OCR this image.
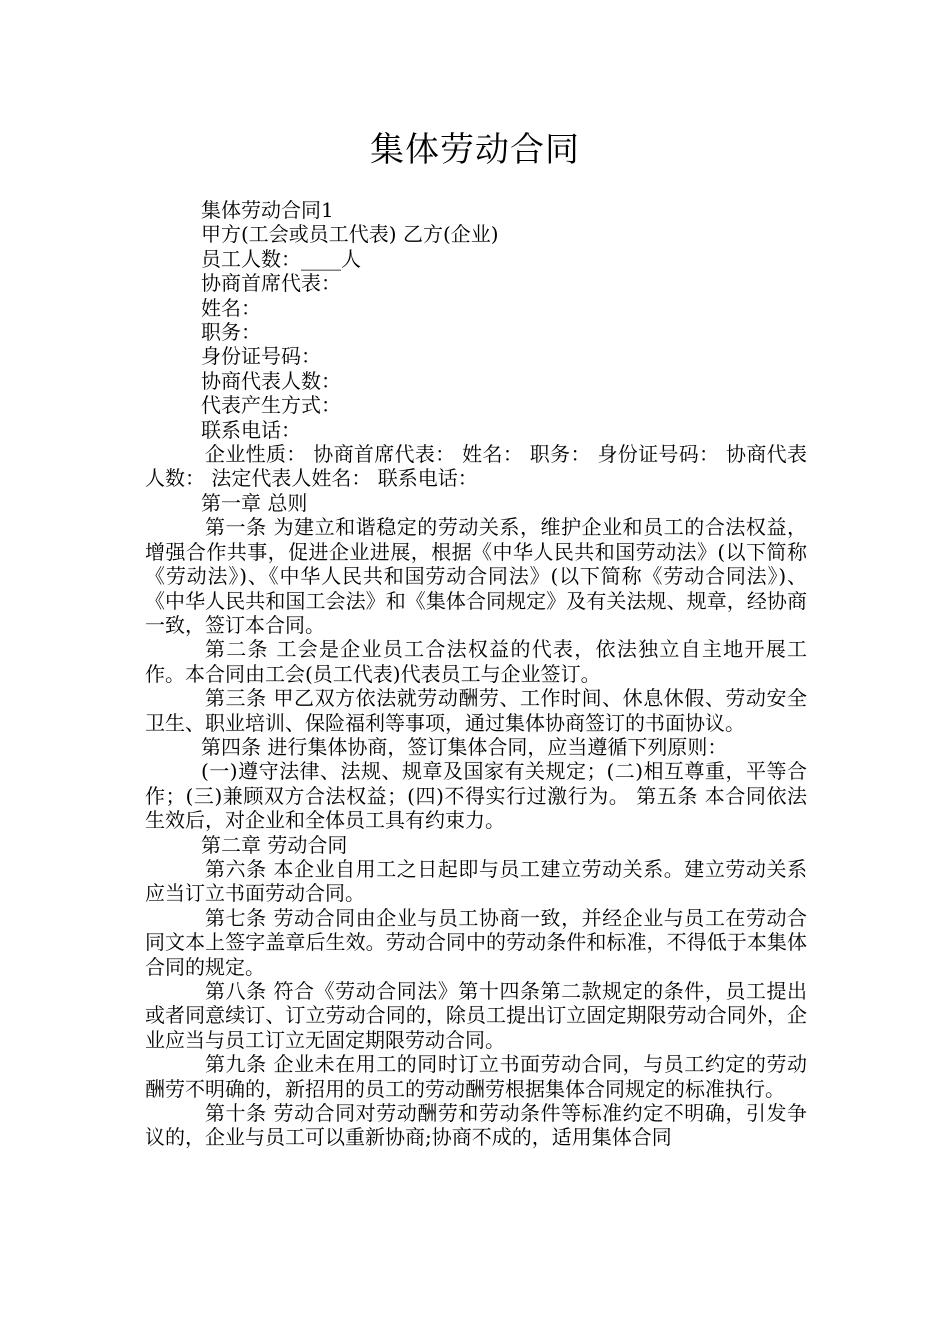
集体劳动合同

集体劳动合同1

甲方(工会或员工代表) 乙方(企业)

员工人数：____人

协商首席代表：

姓名：

职务：

身份证号码：

协商代表人数：

代表产生方式：

联系电话：

企业性质： 协商首席代表： 姓名： 职务： 身份证号码： 协商代表人数： 法定代表人姓名： 联系电话：

第一章 总则

第一条 为建立和谐稳定的劳动关系，维护企业和员工的合法权益，增强合作共事，促进企业进展，根据《中华人民共和国劳动法》(以下简称《劳动法》)、《中华人民共和国劳动合同法》(以下简称《劳动合同法》)、《中华人民共和国工会法》和《集体合同规定》及有关法规、规章，经协商一致，签订本合同。

第二条 工会是企业员工合法权益的代表，依法独立自主地开展工作。本合同由工会(员工代表)代表员工与企业签订。

第三条 甲乙双方依法就劳动酬劳、工作时间、休息休假、劳动安全卫生、职业培训、保险福利等事项，通过集体协商签订的书面协议。

第四条 进行集体协商，签订集体合同，应当遵循下列原则：

(一)遵守法律、法规、规章及国家有关规定；(二)相互尊重，平等合作；(三)兼顾双方合法权益；(四)不得实行过激行为。 第五条 本合同依法生效后，对企业和全体员工具有约束力。

第二章 劳动合同

第六条 本企业自用工之日起即与员工建立劳动关系。建立劳动关系应当订立书面劳动合同。

第七条 劳动合同由企业与员工协商一致，并经企业与员工在劳动合同文本上签字盖章后生效。劳动合同中的劳动条件和标准，不得低于本集体合同的规定。

第八条 符合《劳动合同法》第十四条第二款规定的条件，员工提出或者同意续订、订立劳动合同的，除员工提出订立固定期限劳动合同外，企业应当与员工订立无固定期限劳动合同。

第九条 企业未在用工的同时订立书面劳动合同，与员工约定的劳动酬劳不明确的，新招用的员工的劳动酬劳根据集体合同规定的标准执行。

第十条 劳动合同对劳动酬劳和劳动条件等标准约定不明确，引发争议的，企业与员工可以重新协商;协商不成的，适用集体合同
